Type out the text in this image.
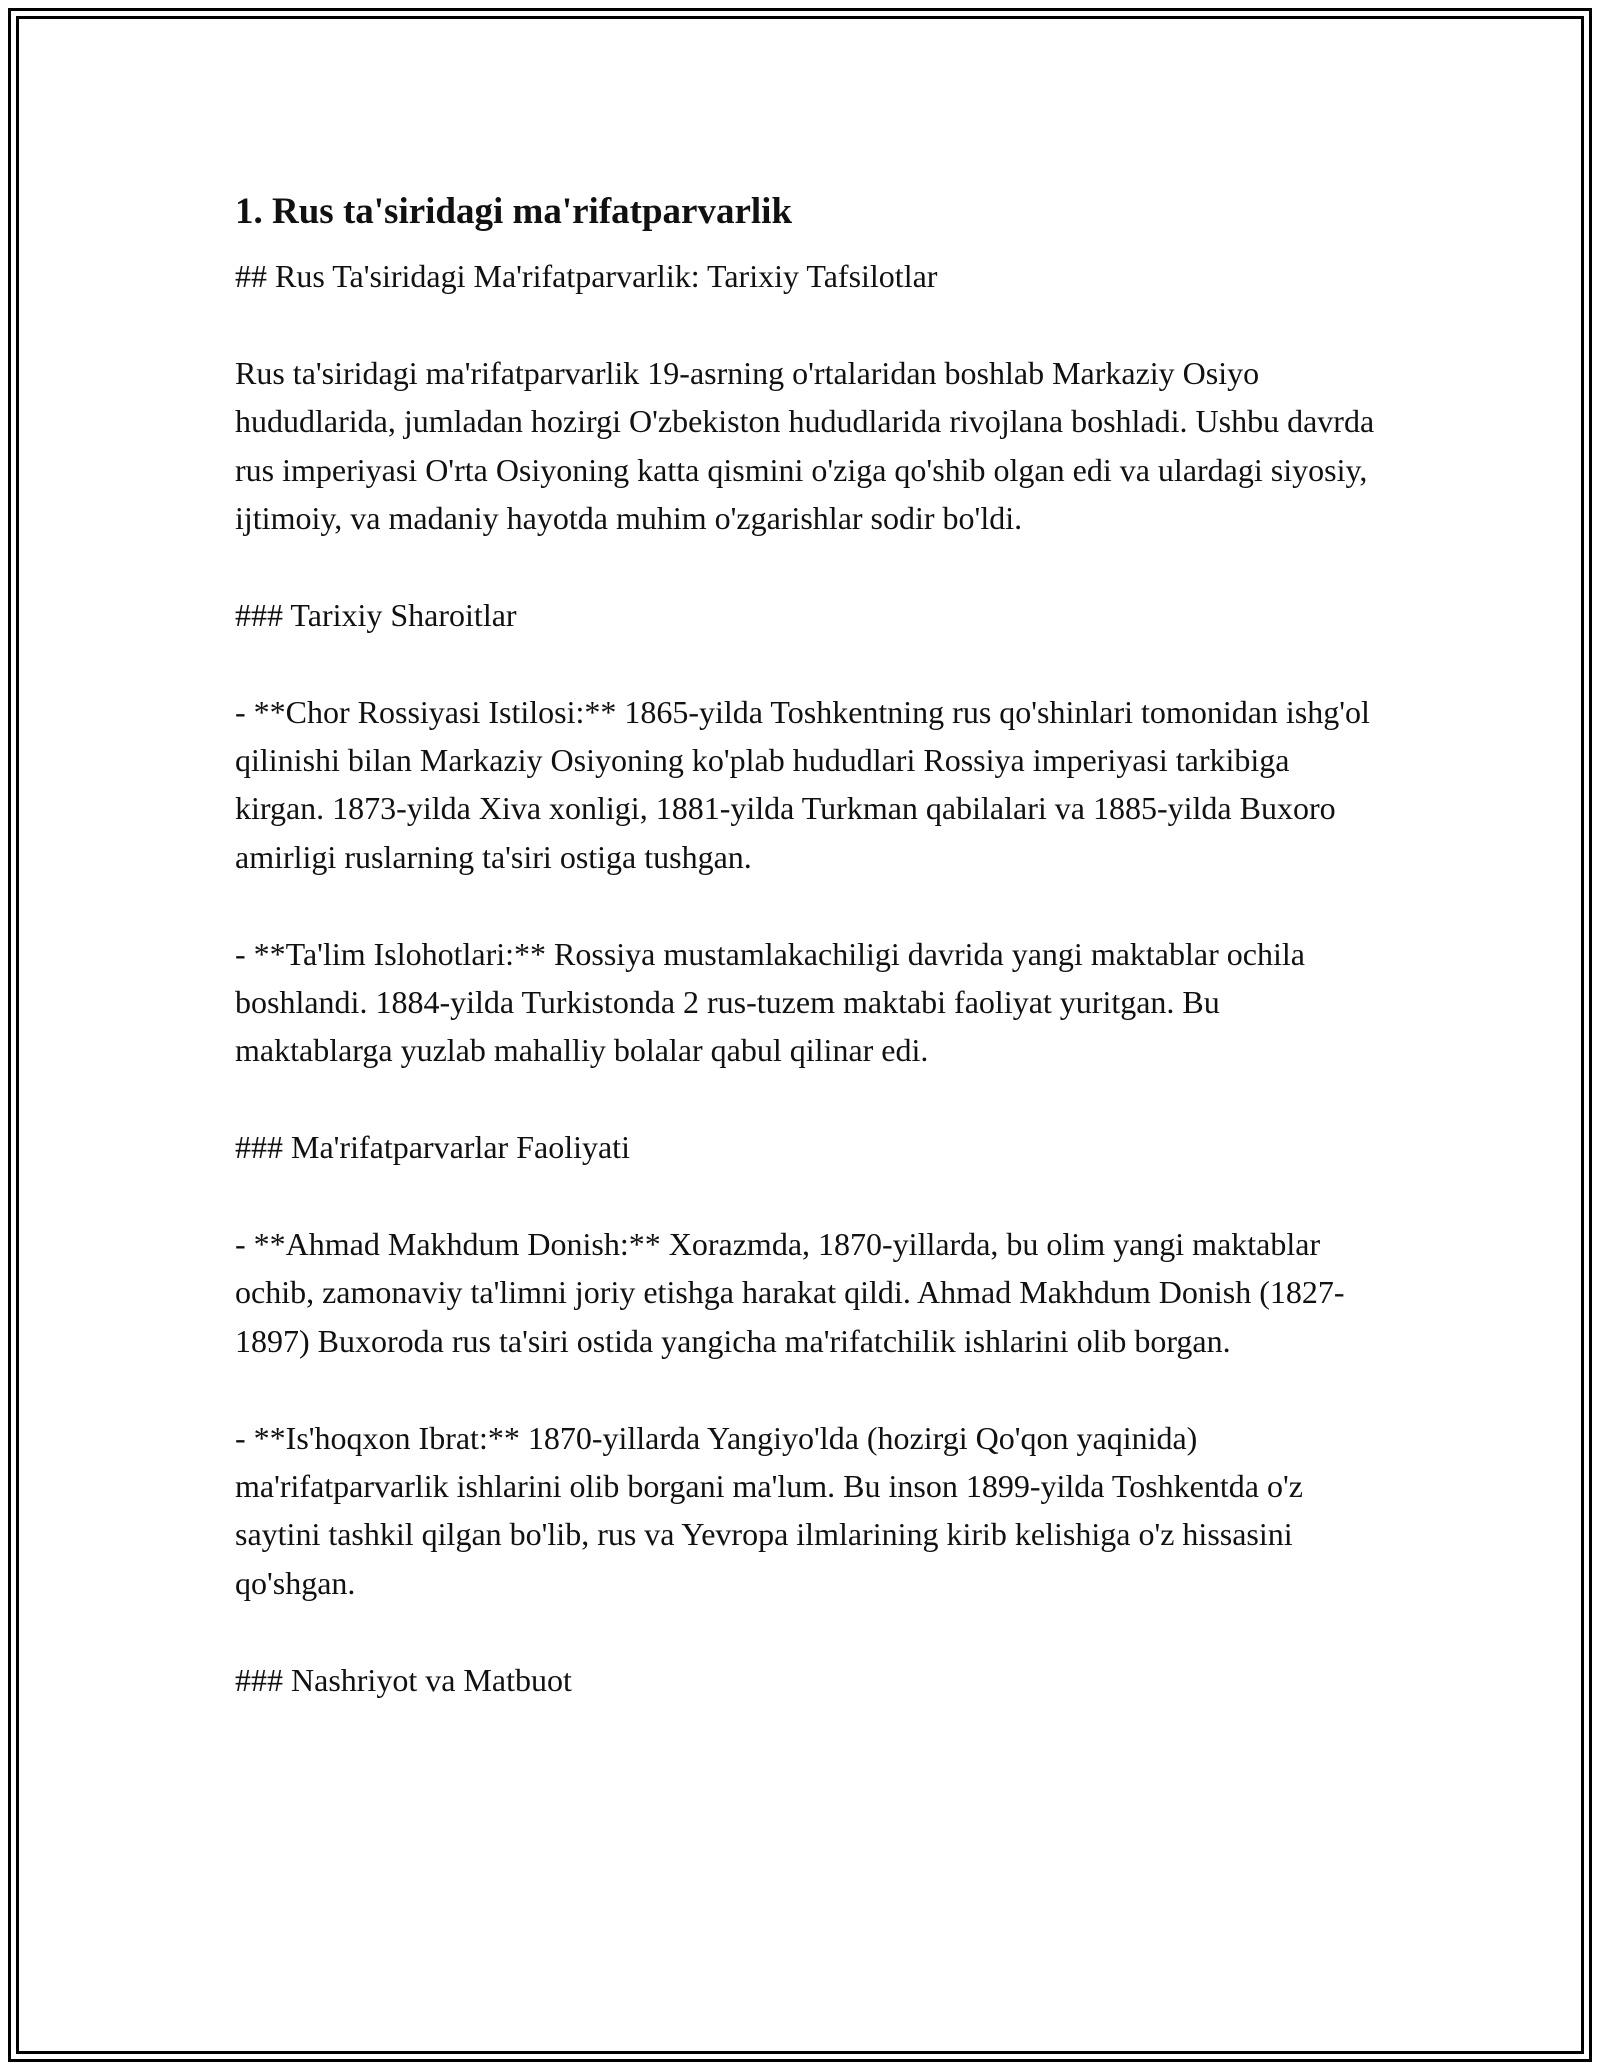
1. Rus ta'siridagi ma'rifatparvarlik

## Rus Ta'siridagi Ma'rifatparvarlik: Tarixiy Tafsilotlar

Rus ta'siridagi ma'rifatparvarlik 19-asrning o'rtalaridan boshlab Markaziy Osiyo hududlarida, jumladan hozirgi O'zbekiston hududlarida rivojlana boshladi. Ushbu davrda rus imperiyasi O'rta Osiyoning katta qismini o'ziga qo'shib olgan edi va ulardagi siyosiy, ijtimoiy, va madaniy hayotda muhim o'zgarishlar sodir bo'ldi.

### Tarixiy Sharoitlar

- **Chor Rossiyasi Istilosi:** 1865-yilda Toshkentning rus qo'shinlari tomonidan ishg'ol qilinishi bilan Markaziy Osiyoning ko'plab hududlari Rossiya imperiyasi tarkibiga kirgan. 1873-yilda Xiva xonligi, 1881-yilda Turkman qabilalari va 1885-yilda Buxoro amirligi ruslarning ta'siri ostiga tushgan.

- **Ta'lim Islohotlari:** Rossiya mustamlakachiligi davrida yangi maktablar ochila boshlandi. 1884-yilda Turkistonda 2 rus-tuzem maktabi faoliyat yuritgan. Bu maktablarga yuzlab mahalliy bolalar qabul qilinar edi.

### Ma'rifatparvarlar Faoliyati

- **Ahmad Makhdum Donish:** Xorazmda, 1870-yillarda, bu olim yangi maktablar ochib, zamonaviy ta'limni joriy etishga harakat qildi. Ahmad Makhdum Donish (1827-1897) Buxoroda rus ta'siri ostida yangicha ma'rifatchilik ishlarini olib borgan.

- **Is'hoqxon Ibrat:** 1870-yillarda Yangiyo'lda (hozirgi Qo'qon yaqinida) ma'rifatparvarlik ishlarini olib borgani ma'lum. Bu inson 1899-yilda Toshkentda o'z saytini tashkil qilgan bo'lib, rus va Yevropa ilmlarining kirib kelishiga o'z hissasini qo'shgan.

### Nashriyot va Matbuot
